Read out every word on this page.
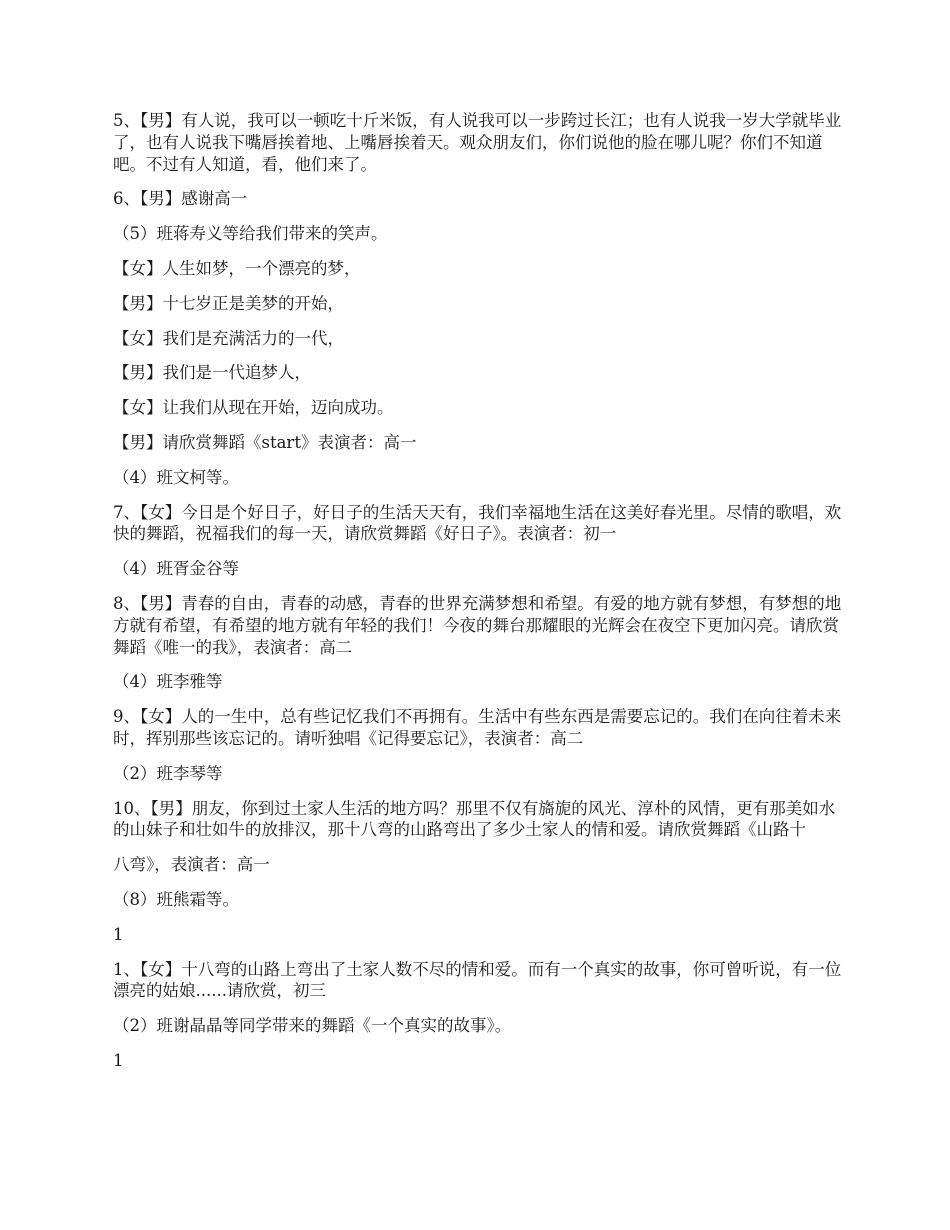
5、【男】有人说，我可以一顿吃十斤米饭，有人说我可以一步跨过长江；也有人说我一岁大学就毕业了，也有人说我下嘴唇挨着地、上嘴唇挨着天。观众朋友们，你们说他的脸在哪儿呢？你们不知道吧。不过有人知道，看，他们来了。

6、【男】感谢高一

（5）班蒋寿义等给我们带来的笑声。

【女】人生如梦，一个漂亮的梦，

【男】十七岁正是美梦的开始，

【女】我们是充满活力的一代，

【男】我们是一代追梦人，

【女】让我们从现在开始，迈向成功。

【男】请欣赏舞蹈《start》表演者：高一

（4）班文柯等。

7、【女】今日是个好日子，好日子的生活天天有，我们幸福地生活在这美好春光里。尽情的歌唱，欢快的舞蹈，祝福我们的每一天，请欣赏舞蹈《好日子》。表演者：初一

（4）班胥金谷等

8、【男】青春的自由，青春的动感，青春的世界充满梦想和希望。有爱的地方就有梦想，有梦想的地方就有希望，有希望的地方就有年轻的我们！今夜的舞台那耀眼的光辉会在夜空下更加闪亮。请欣赏舞蹈《唯一的我》，表演者：高二

（4）班李雅等

9、【女】人的一生中，总有些记忆我们不再拥有。生活中有些东西是需要忘记的。我们在向往着未来时，挥别那些该忘记的。请听独唱《记得要忘记》，表演者：高二

（2）班李琴等

10、【男】朋友，你到过土家人生活的地方吗？那里不仅有旖旎的风光、淳朴的风情，更有那美如水的山妹子和壮如牛的放排汉，那十八弯的山路弯出了多少土家人的情和爱。请欣赏舞蹈《山路十

八弯》，表演者：高一

（8）班熊霜等。

1

1、【女】十八弯的山路上弯出了土家人数不尽的情和爱。而有一个真实的故事，你可曾听说，有一位漂亮的姑娘......请欣赏，初三

（2）班谢晶晶等同学带来的舞蹈《一个真实的故事》。

1
